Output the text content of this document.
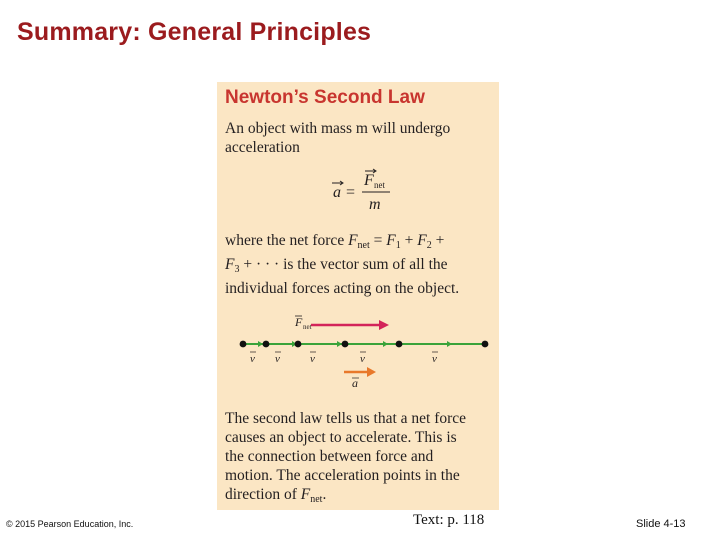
Summary: General Principles
Newton’s Second Law
An object with mass m will undergo
acceleration
a =
F net
m
where the net force $F_{net} = F_1 + F_2$ +
$F_3$ + · · · is the vector sum of all the
individual forces acting on the object.
F net
v v	v	v	v
a
The second law tells us that a net force
causes an object to accelerate. This is
the connection between force and
motion. The acceleration points in the
direction of $F_{net}$.
© 2015 Pearson Education, Inc.	Text: p. 118	Slide 4-13
